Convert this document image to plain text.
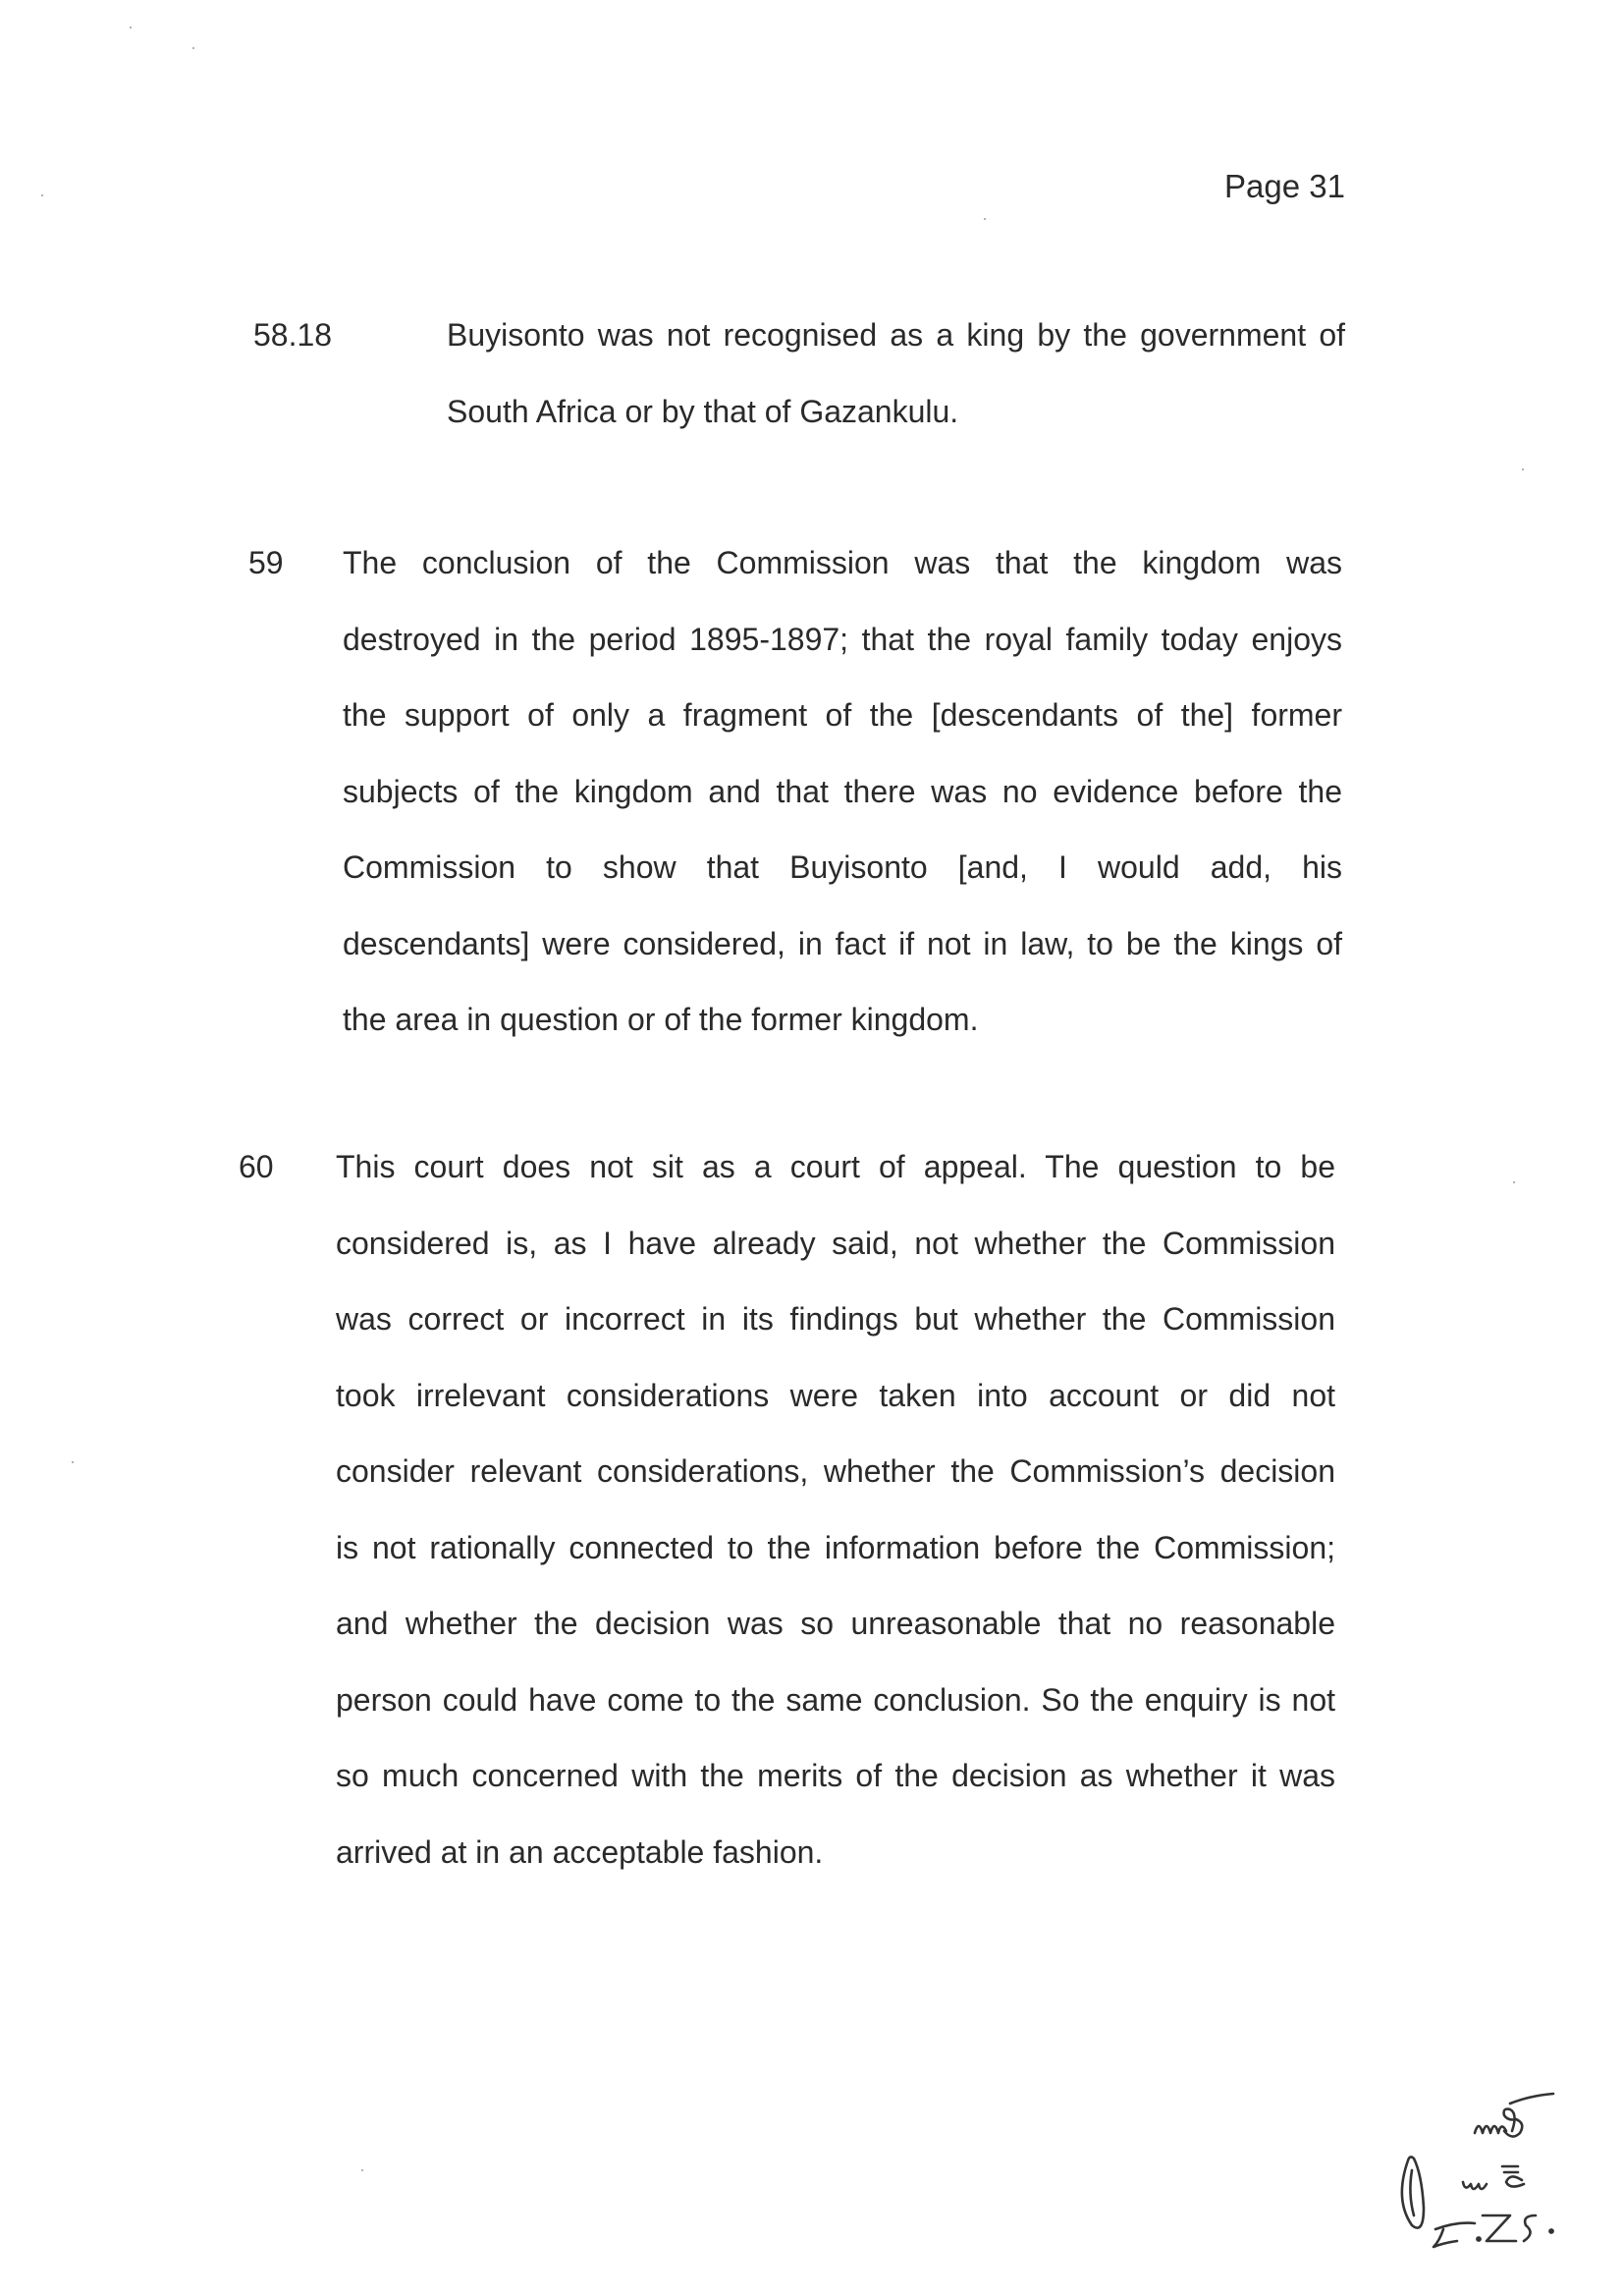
Page 31
58.18	Buyisonto was not recognised as a king by the government of

South Africa or by that of Gazankulu.

59 The conclusion of the Commission was that the kingdom was

destroyed in the period 1895-1897; that the royal family today enjoys

the support of only a fragment of the [descendants of the] former

subjects of the kingdom and that there was no evidence before the

Commission to show that Buyisonto [and, I would add, his

descendants] were considered, in fact if not in law, to be the kings of

the area in question or of the former kingdom.

60 This court does not sit as a court of appeal. The question to be

considered is, as I have already said, not whether the Commission

was correct or incorrect in its findings but whether the Commission

took irrelevant considerations were taken into account or did not

consider relevant considerations, whether the Commission’s decision

is not rationally connected to the information before the Commission;

and whether the decision was so unreasonable that no reasonable

person could have come to the same conclusion. So the enquiry is not

so much concerned with the merits of the decision as whether it was

arrived at in an acceptable fashion.
